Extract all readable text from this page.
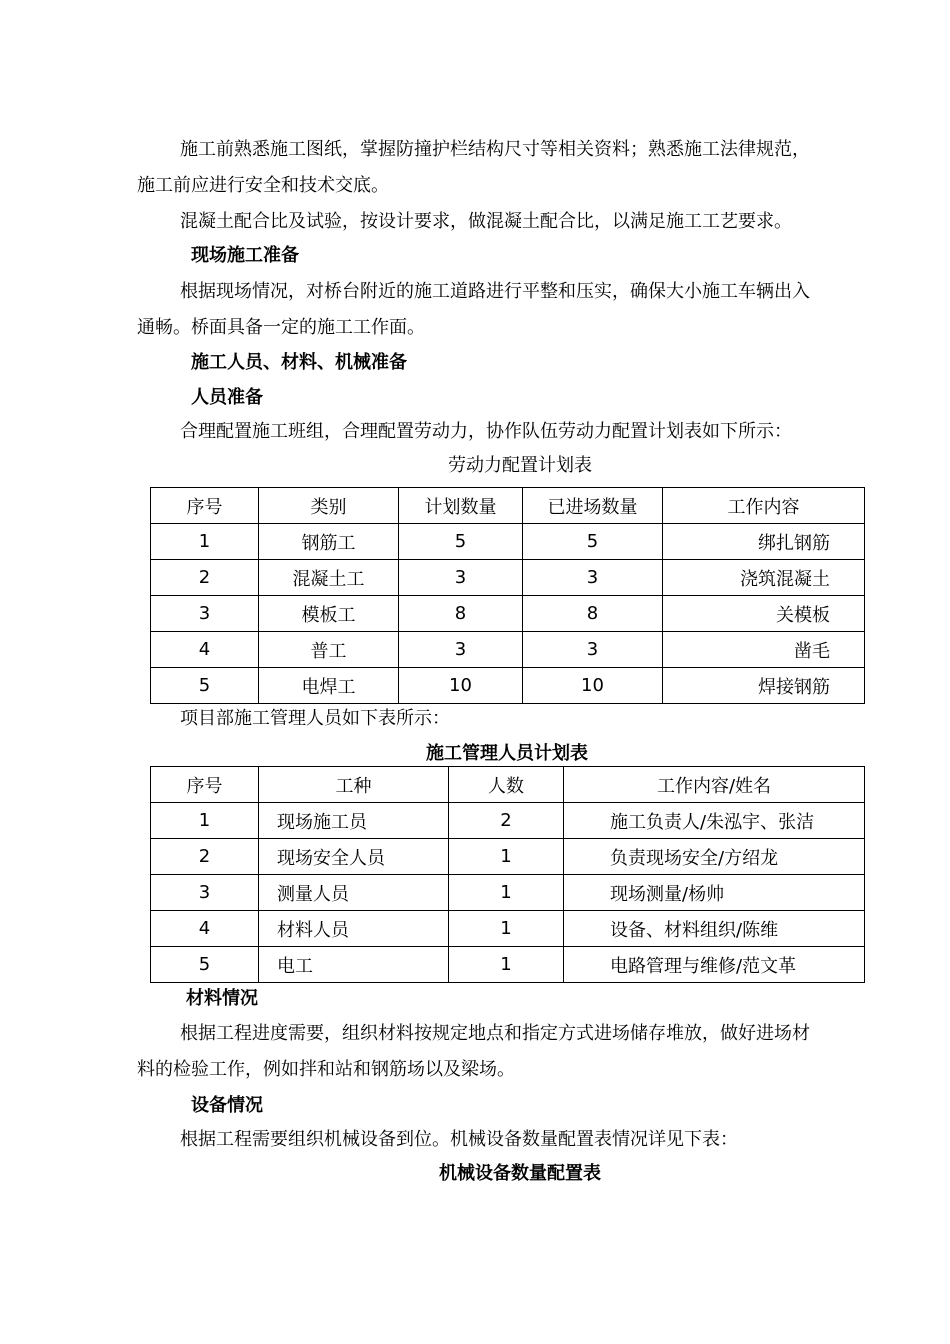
施工前熟悉施工图纸，掌握防撞护栏结构尺寸等相关资料；熟悉施工法律规范，
施工前应进行安全和技术交底。
混凝土配合比及试验，按设计要求，做混凝土配合比，以满足施工工艺要求。
现场施工准备
根据现场情况，对桥台附近的施工道路进行平整和压实，确保大小施工车辆出入
通畅。桥面具备一定的施工工作面。
施工人员、材料、机械准备
人员准备
合理配置施工班组，合理配置劳动力，协作队伍劳动力配置计划表如下所示：
劳动力配置计划表
序号	类别	计划数量	已进场数量	工作内容
1	钢筋工	5	5	绑扎钢筋
2	混凝土工	3	3	浇筑混凝土
3	模板工	8	8	关模板
4	普工	3	3	凿毛
5	电焊工	10	10	焊接钢筋
项目部施工管理人员如下表所示：
施工管理人员计划表
序号	工种	人数	工作内容/姓名
1	现场施工员	2	施工负责人/朱泓宇、张洁
2	现场安全人员	1	负责现场安全/方绍龙
3	测量人员	1	现场测量/杨帅
4	材料人员	1	设备、材料组织/陈维
5	电工	1	电路管理与维修/范文革
材料情况
根据工程进度需要，组织材料按规定地点和指定方式进场储存堆放，做好进场材
料的检验工作，例如拌和站和钢筋场以及梁场。
设备情况
根据工程需要组织机械设备到位。机械设备数量配置表情况详见下表：
机械设备数量配置表
